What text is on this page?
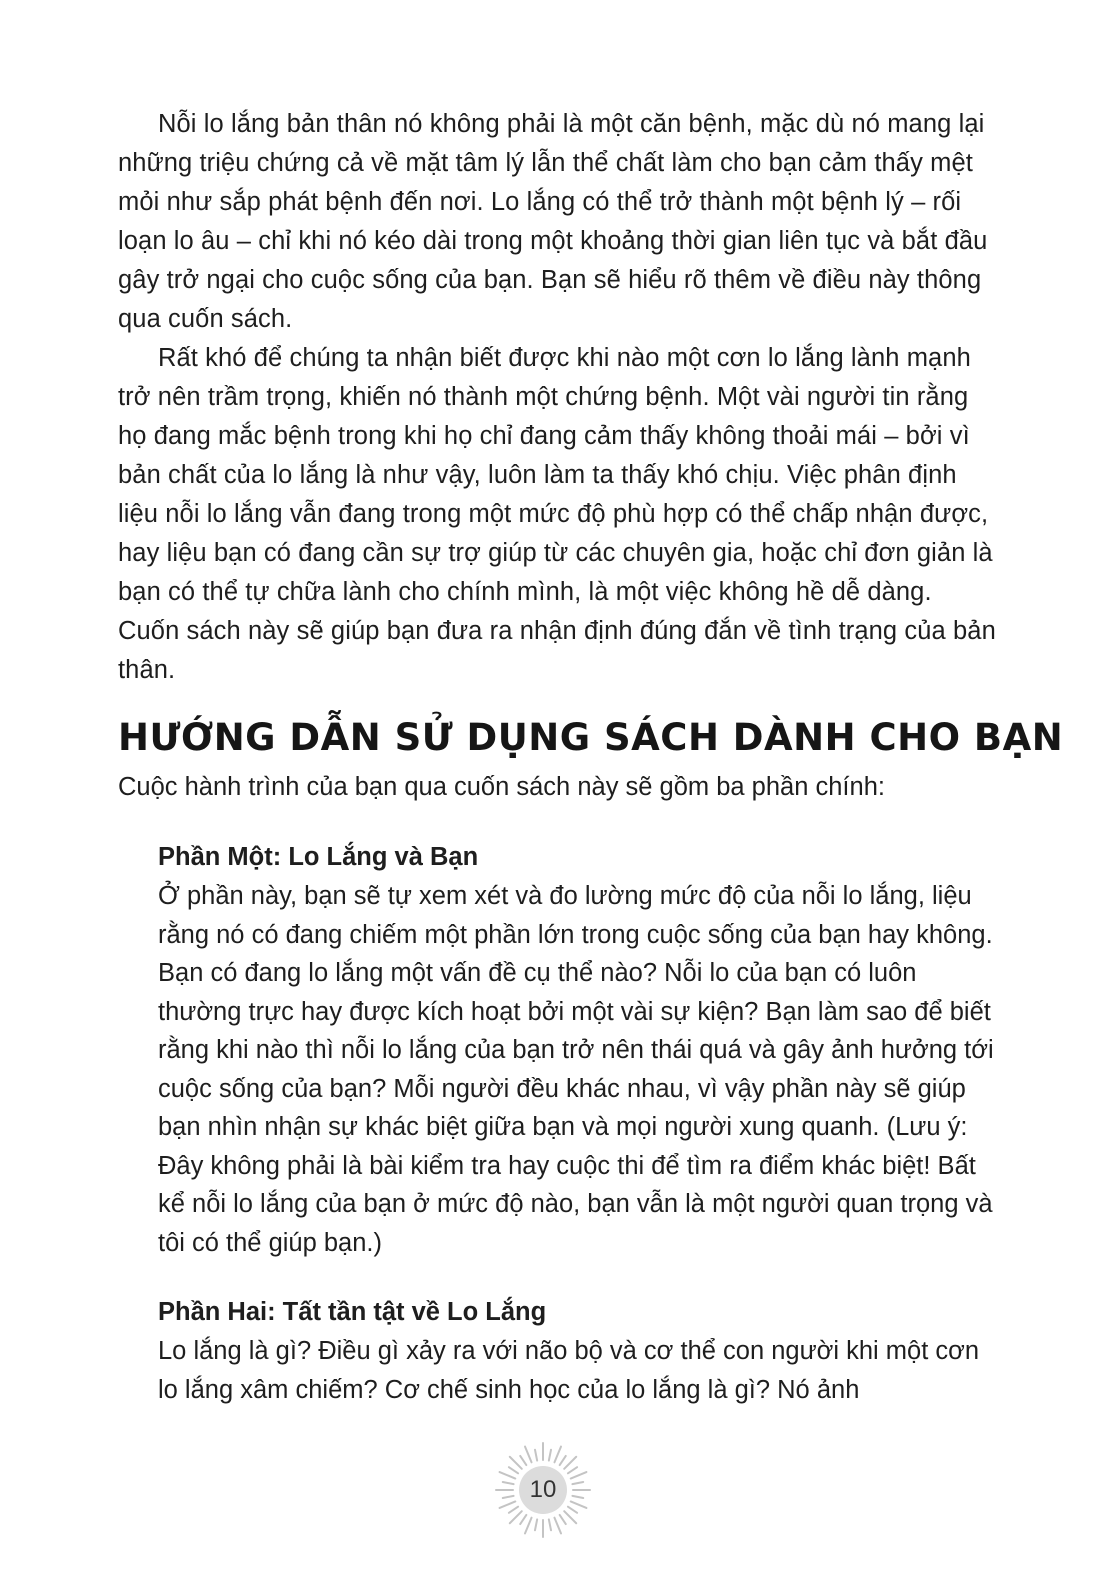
Nỗi lo lắng bản thân nó không phải là một căn bệnh, mặc dù nó mang lại những triệu chứng cả về mặt tâm lý lẫn thể chất làm cho bạn cảm thấy mệt mỏi như sắp phát bệnh đến nơi. Lo lắng có thể trở thành một bệnh lý – rối loạn lo âu – chỉ khi nó kéo dài trong một khoảng thời gian liên tục và bắt đầu gây trở ngại cho cuộc sống của bạn. Bạn sẽ hiểu rõ thêm về điều này thông qua cuốn sách.

Rất khó để chúng ta nhận biết được khi nào một cơn lo lắng lành mạnh trở nên trầm trọng, khiến nó thành một chứng bệnh. Một vài người tin rằng họ đang mắc bệnh trong khi họ chỉ đang cảm thấy không thoải mái – bởi vì bản chất của lo lắng là như vậy, luôn làm ta thấy khó chịu. Việc phân định liệu nỗi lo lắng vẫn đang trong một mức độ phù hợp có thể chấp nhận được, hay liệu bạn có đang cần sự trợ giúp từ các chuyên gia, hoặc chỉ đơn giản là bạn có thể tự chữa lành cho chính mình, là một việc không hề dễ dàng. Cuốn sách này sẽ giúp bạn đưa ra nhận định đúng đắn về tình trạng của bản thân.

HƯỚNG DẪN SỬ DỤNG SÁCH DÀNH CHO BẠN

Cuộc hành trình của bạn qua cuốn sách này sẽ gồm ba phần chính:

Phần Một: Lo Lắng và Bạn

Ở phần này, bạn sẽ tự xem xét và đo lường mức độ của nỗi lo lắng, liệu rằng nó có đang chiếm một phần lớn trong cuộc sống của bạn hay không. Bạn có đang lo lắng một vấn đề cụ thể nào? Nỗi lo của bạn có luôn thường trực hay được kích hoạt bởi một vài sự kiện? Bạn làm sao để biết rằng khi nào thì nỗi lo lắng của bạn trở nên thái quá và gây ảnh hưởng tới cuộc sống của bạn? Mỗi người đều khác nhau, vì vậy phần này sẽ giúp bạn nhìn nhận sự khác biệt giữa bạn và mọi người xung quanh. (Lưu ý: Đây không phải là bài kiểm tra hay cuộc thi để tìm ra điểm khác biệt! Bất kể nỗi lo lắng của bạn ở mức độ nào, bạn vẫn là một người quan trọng và tôi có thể giúp bạn.)

Phần Hai: Tất tần tật về Lo Lắng

Lo lắng là gì? Điều gì xảy ra với não bộ và cơ thể con người khi một cơn lo lắng xâm chiếm? Cơ chế sinh học của lo lắng là gì? Nó ảnh

10
